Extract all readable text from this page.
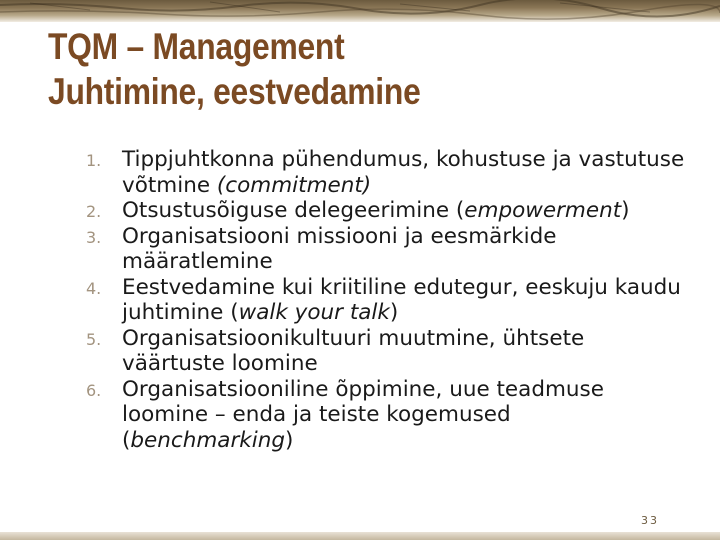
TQM – Management
Juhtimine, eestvedamine
1. Tippjuhtkonna pühendumus, kohustuse ja vastutuse võtmine (commitment)
2. Otsustusõiguse delegeerimine (empowerment)
3. Organisatsiooni missiooni ja eesmärkide määratlemine
4. Eestvedamine kui kriitiline edutegur, eeskuju kaudu juhtimine (walk your talk)
5. Organisatsioonikultuuri muutmine, ühtsete väärtuste loomine
6. Organisatsiooniline õppimine, uue teadmuse loomine – enda ja teiste kogemused (benchmarking)
33
